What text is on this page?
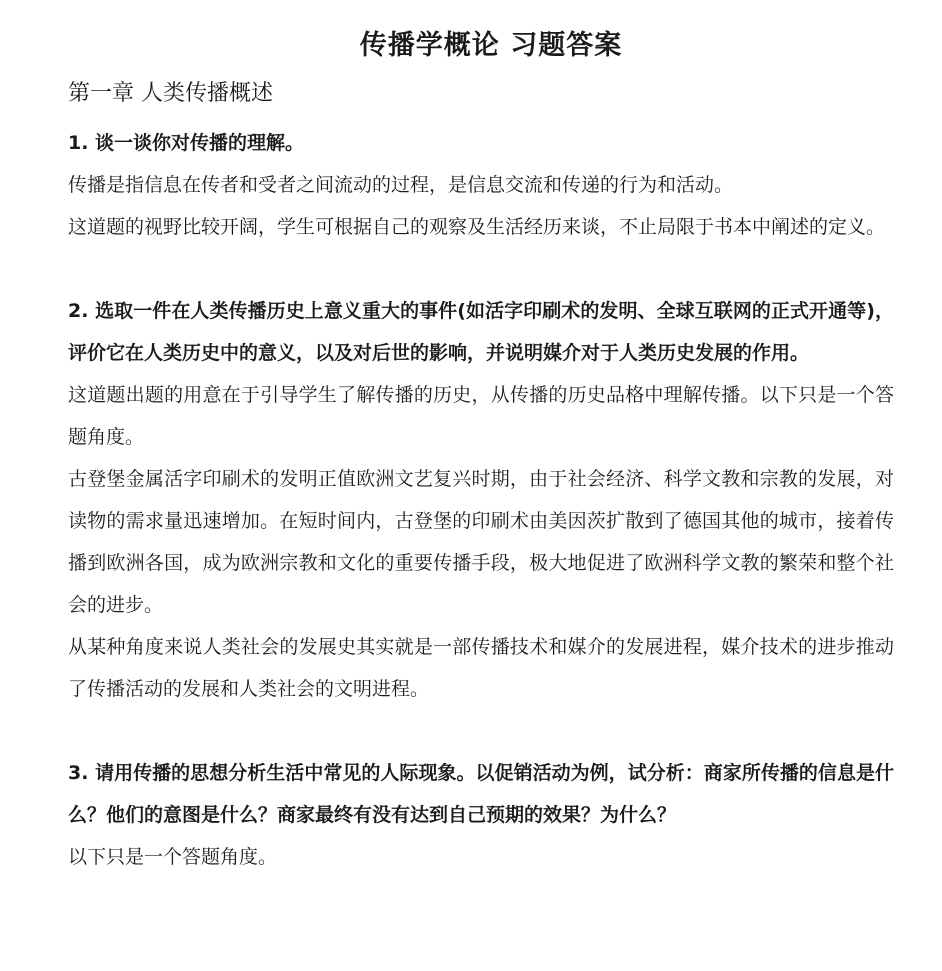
传播学概论 习题答案
第一章 人类传播概述

1. 谈一谈你对传播的理解。

传播是指信息在传者和受者之间流动的过程，是信息交流和传递的行为和活动。

这道题的视野比较开阔，学生可根据自己的观察及生活经历来谈，不止局限于书本中阐述的定义。

2. 选取一件在人类传播历史上意义重大的事件(如活字印刷术的发明、全球互联网的正式开通等)，评价它在人类历史中的意义，以及对后世的影响，并说明媒介对于人类历史发展的作用。

这道题出题的用意在于引导学生了解传播的历史，从传播的历史品格中理解传播。以下只是一个答题角度。

古登堡金属活字印刷术的发明正值欧洲文艺复兴时期，由于社会经济、科学文教和宗教的发展，对读物的需求量迅速增加。在短时间内，古登堡的印刷术由美因茨扩散到了德国其他的城市，接着传播到欧洲各国，成为欧洲宗教和文化的重要传播手段，极大地促进了欧洲科学文教的繁荣和整个社会的进步。

从某种角度来说人类社会的发展史其实就是一部传播技术和媒介的发展进程，媒介技术的进步推动了传播活动的发展和人类社会的文明进程。

3. 请用传播的思想分析生活中常见的人际现象。以促销活动为例，试分析：商家所传播的信息是什么？他们的意图是什么？商家最终有没有达到自己预期的效果？为什么？

以下只是一个答题角度。
